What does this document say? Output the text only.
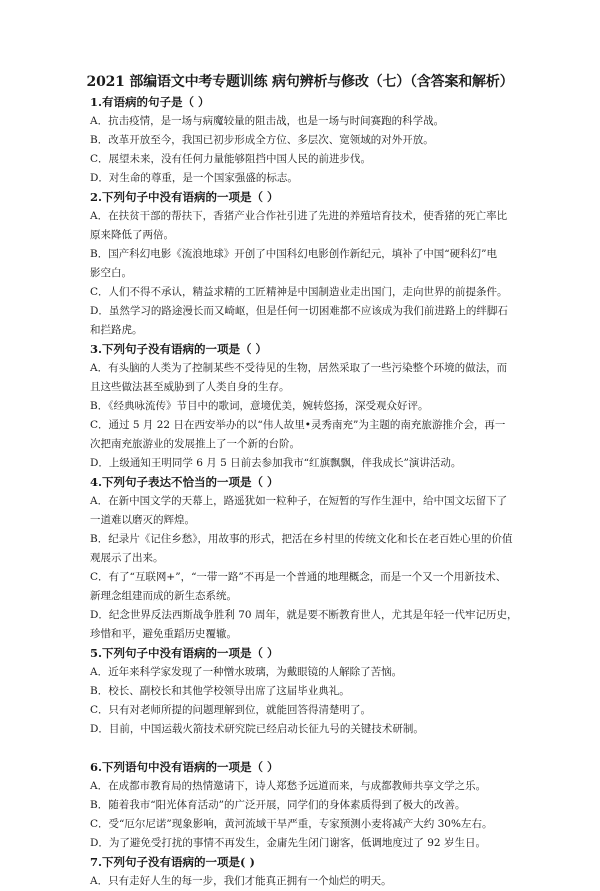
2021 部编语文中考专题训练 病句辨析与修改（七）（含答案和解析）
1.有语病的句子是（ ）
A．抗击疫情，是一场与病魔较量的阻击战，也是一场与时间赛跑的科学战。
B．改革开放至今，我国已初步形成全方位、多层次、宽领域的对外开放。
C．展望未来，没有任何力量能够阻挡中国人民的前进步伐。
D．对生命的尊重，是一个国家强盛的标志。
2.下列句子中没有语病的一项是（ ）
A．在扶贫干部的帮扶下，香猪产业合作社引进了先进的养殖培育技术，使香猪的死亡率比
原来降低了两倍。
B．国产科幻电影《流浪地球》开创了中国科幻电影创作新纪元，填补了中国“硬科幻”电
影空白。
C．人们不得不承认，精益求精的工匠精神是中国制造业走出国门，走向世界的前提条件。
D．虽然学习的路途漫长而又崎岖，但是任何一切困难都不应该成为我们前进路上的绊脚石
和拦路虎。
3.下列句子没有语病的一项是（ ）
A．有头脑的人类为了控制某些不受待见的生物，居然采取了一些污染整个环境的做法，而
且这些做法甚至威胁到了人类自身的生存。
B．《经典咏流传》节目中的歌词，意境优美，婉转悠扬，深受观众好评。
C．通过 5 月 22 日在西安举办的以“伟人故里•灵秀南充”为主题的南充旅游推介会，再一
次把南充旅游业的发展推上了一个新的台阶。
D．上级通知王明同学 6 月 5 日前去参加我市“红旗飘飘，伴我成长”演讲活动。
4.下列句子表达不恰当的一项是（ ）
A．在新中国文学的天幕上，路遥犹如一粒种子，在短暂的写作生涯中，给中国文坛留下了
一道难以磨灭的辉煌。
B．纪录片《记住乡愁》，用故事的形式，把活在乡村里的传统文化和长在老百姓心里的价值
观展示了出来。
C．有了“互联网+”，“一带一路”不再是一个普通的地理概念，而是一个又一个用新技术、
新理念组建而成的新生态系统。
D．纪念世界反法西斯战争胜利 70 周年，就是要不断教育世人，尤其是年轻一代牢记历史，
珍惜和平，避免重蹈历史覆辙。
5.下列句子中没有语病的一项是（ ）
A．近年来科学家发现了一种憎水玻璃，为戴眼镜的人解除了苦恼。
B．校长、副校长和其他学校领导出席了这届毕业典礼。
C．只有对老师所提的问题理解到位，就能回答得清楚明了。
D．目前，中国运载火箭技术研究院已经启动长征九号的关键技术研制。
6.下列语句中没有语病的一项是（ ）
A．在成都市教育局的热情邀请下，诗人郑愁予远道而来，与成都教师共享文学之乐。
B．随着我市“阳光体育活动”的广泛开展，同学们的身体素质得到了极大的改善。
C．受“厄尔尼诺”现象影响，黄河流域干旱严重，专家预测小麦将减产大约 30%左右。
D．为了避免受打扰的事情不再发生，金庸先生闭门谢客，低调地度过了 92 岁生日。
7.下列句子没有语病的一项是( )
A．只有走好人生的每一步，我们才能真正拥有一个灿烂的明天。
